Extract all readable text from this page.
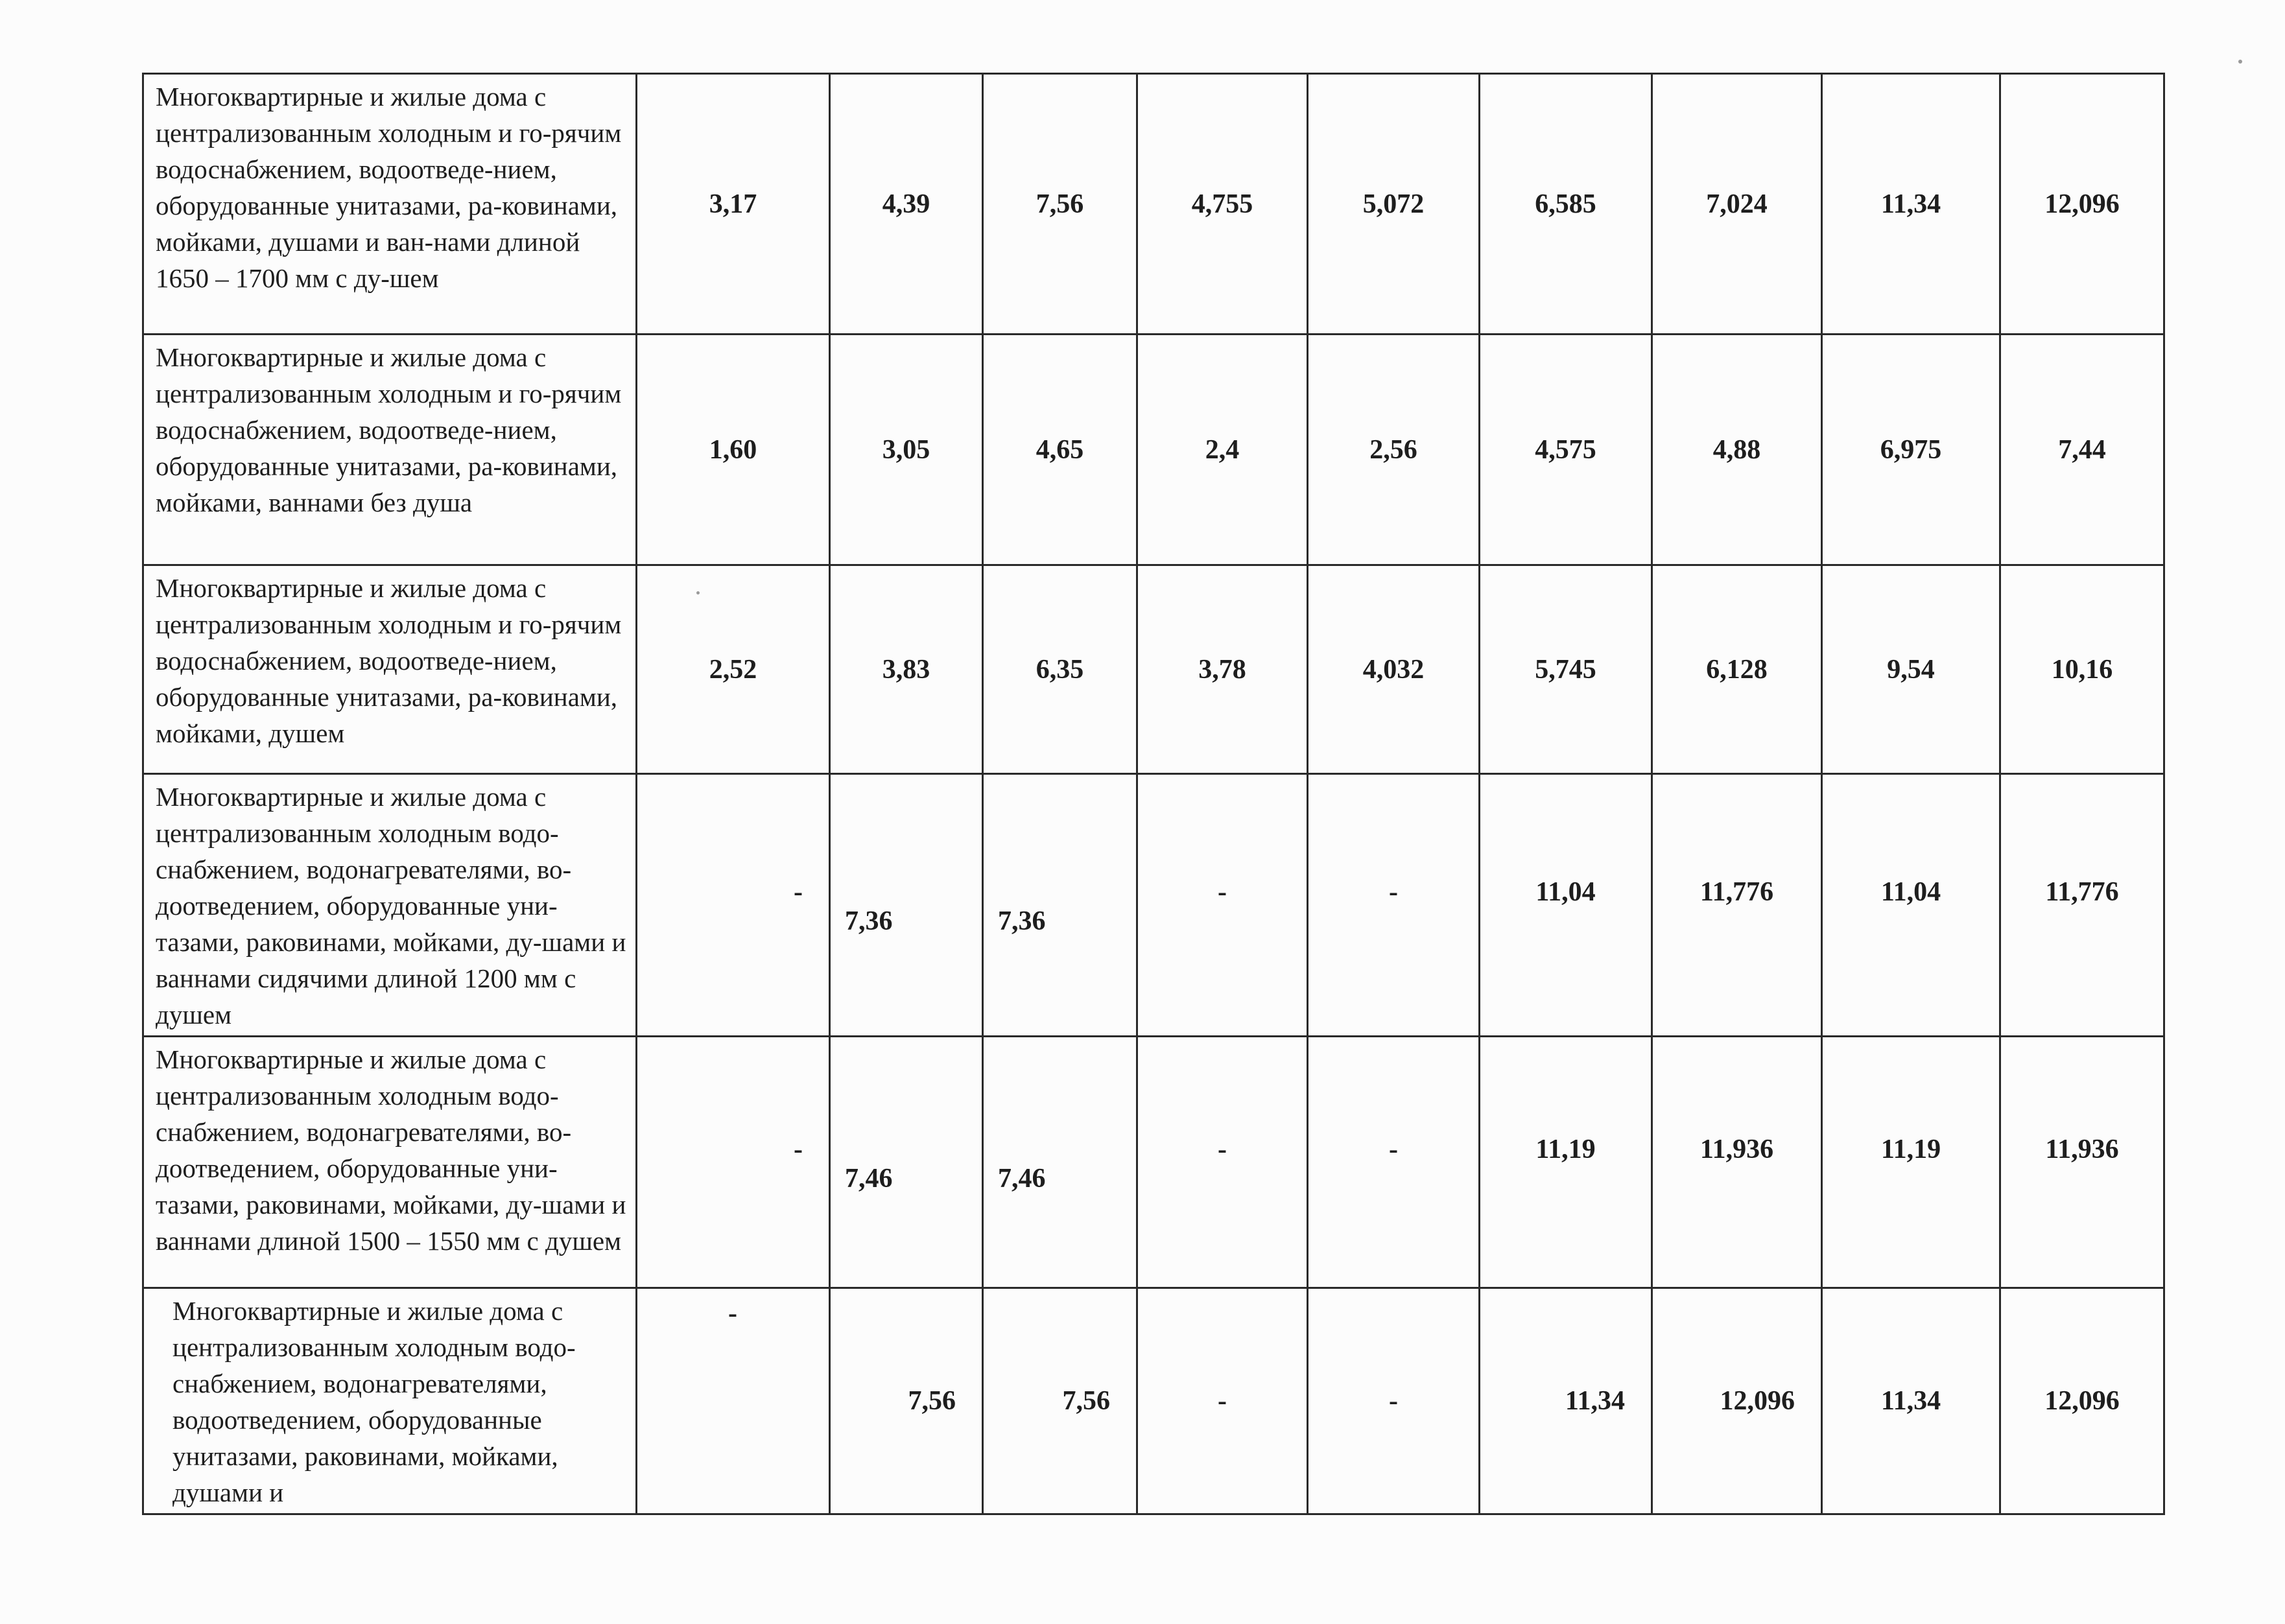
Многоквартирные и жилые дома с централизованным холодным и го-рячим водоснабжением, водоотведе-нием, оборудованные унитазами, ра-ковинами, мойками, душами и ван-нами длиной 1650 – 1700 мм с ду-шем	3,17	4,39	7,56	4,755	5,072	6,585	7,024	11,34	12,096
Многоквартирные и жилые дома с централизованным холодным и го-рячим водоснабжением, водоотведе-нием, оборудованные унитазами, ра-ковинами, мойками, ваннами без душа	1,60	3,05	4,65	2,4	2,56	4,575	4,88	6,975	7,44
Многоквартирные и жилые дома с централизованным холодным и го-рячим водоснабжением, водоотведе-нием, оборудованные унитазами, ра-ковинами, мойками, душем	2,52	3,83	6,35	3,78	4,032	5,745	6,128	9,54	10,16
Многоквартирные и жилые дома с централизованным холодным водо-снабжением, водонагревателями, во-доотведением, оборудованные уни-тазами, раковинами, мойками, ду-шами и ваннами сидячими длиной 1200 мм с душем	-	7,36	7,36	-	-	11,04	11,776	11,04	11,776
Многоквартирные и жилые дома с централизованным холодным водо-снабжением, водонагревателями, во-доотведением, оборудованные уни-тазами, раковинами, мойками, ду-шами и ваннами длиной 1500 – 1550 мм с душем	-	7,46	7,46	-	-	11,19	11,936	11,19	11,936
Многоквартирные и жилые дома с централизованным холодным водо-снабжением, водонагревателями, водоотведением, оборудованные унитазами, раковинами, мойками, душами и	-	7,56	7,56	-	-	11,34	12,096	11,34	12,096
